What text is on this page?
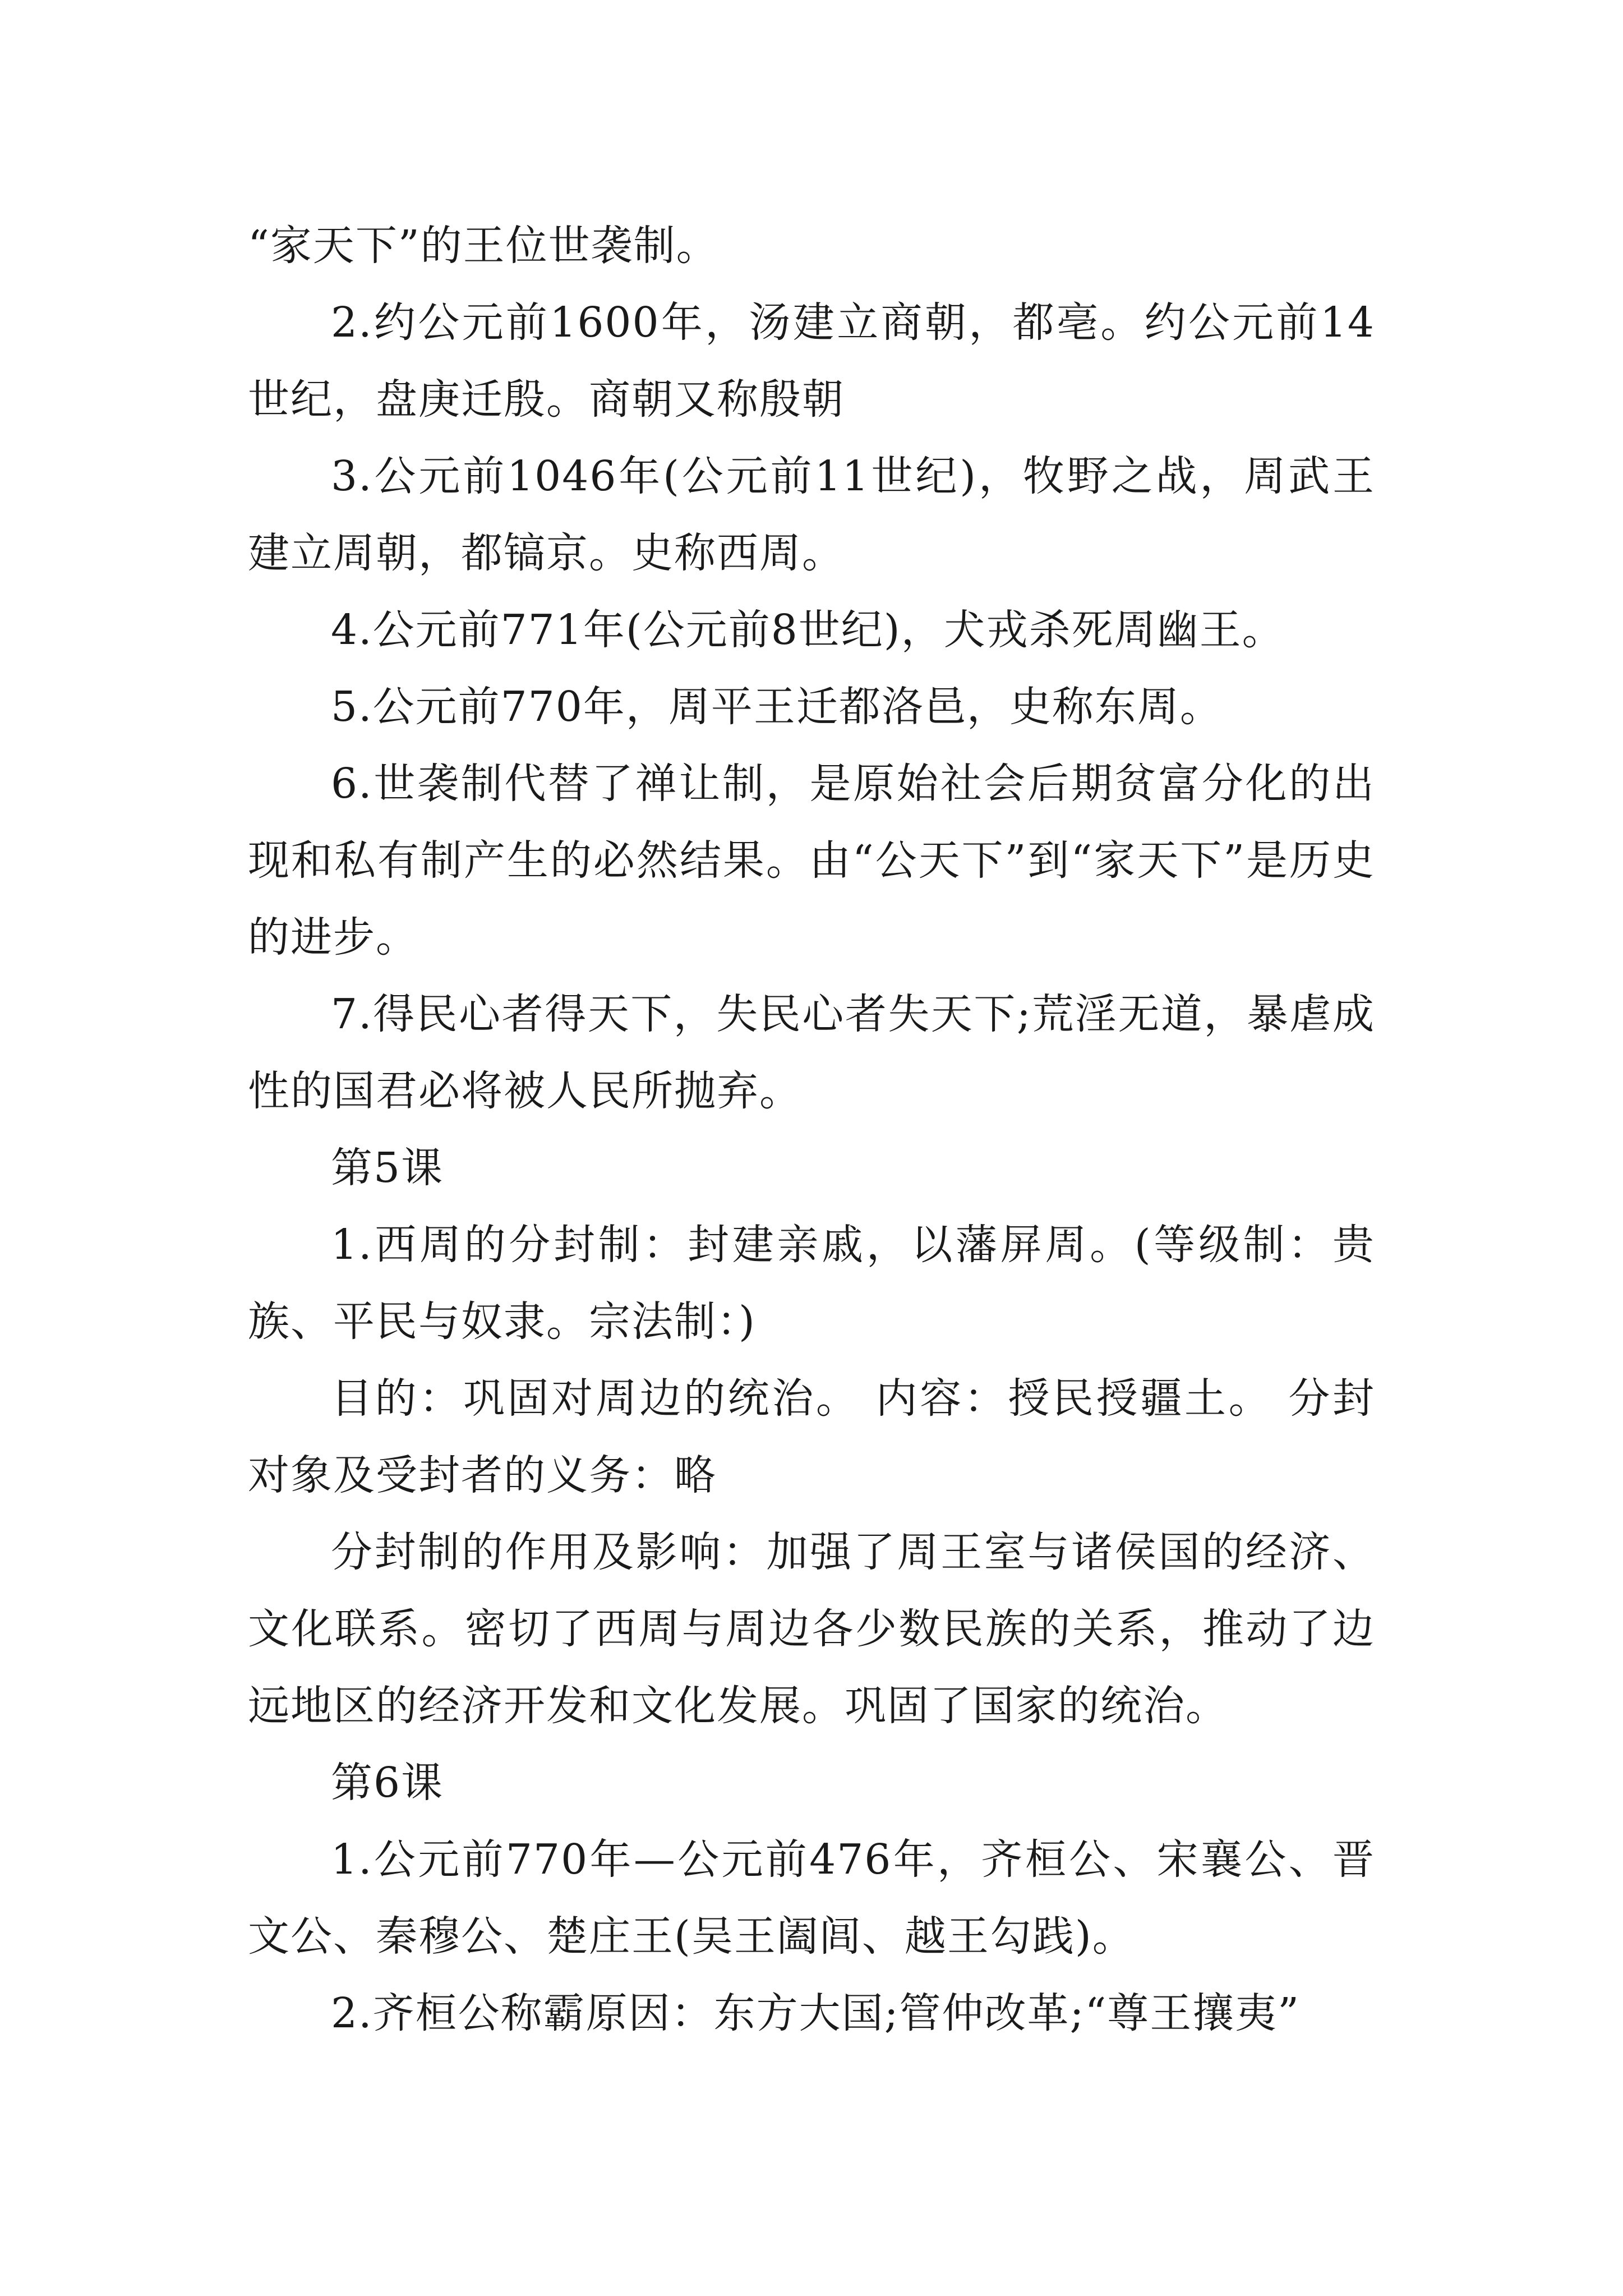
“家天下”的王位世袭制。

2.约公元前1600年，汤建立商朝，都亳。约公元前14世纪，盘庚迁殷。商朝又称殷朝

3.公元前1046年(公元前11世纪)，牧野之战，周武王建立周朝，都镐京。史称西周。

4.公元前771年(公元前8世纪)，犬戎杀死周幽王。

5.公元前770年，周平王迁都洛邑，史称东周。

6.世袭制代替了禅让制，是原始社会后期贫富分化的出现和私有制产生的必然结果。由“公天下”到“家天下”是历史的进步。

7.得民心者得天下，失民心者失天下;荒淫无道，暴虐成性的国君必将被人民所抛弃。

第5课

1.西周的分封制：封建亲戚，以藩屏周。(等级制：贵族、平民与奴隶。宗法制：)

目的：巩固对周边的统治。 内容：授民授疆土。 分封对象及受封者的义务：略

分封制的作用及影响：加强了周王室与诸侯国的经济、文化联系。密切了西周与周边各少数民族的关系，推动了边远地区的经济开发和文化发展。巩固了国家的统治。

第6课

1.公元前770年—公元前476年，齐桓公、宋襄公、晋文公、秦穆公、楚庄王(吴王阖闾、越王勾践)。

2.齐桓公称霸原因：东方大国;管仲改革;“尊王攘夷”
